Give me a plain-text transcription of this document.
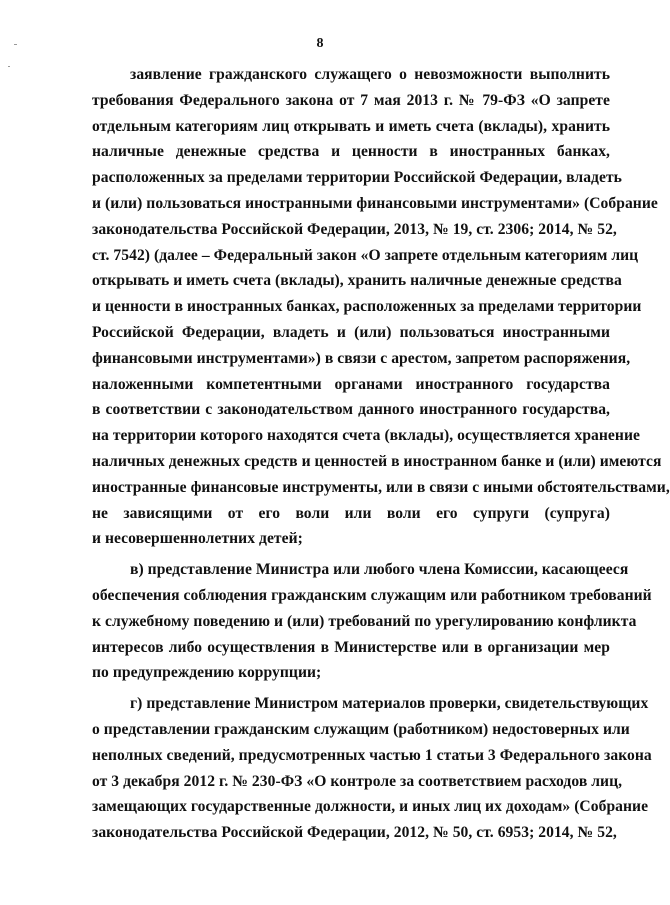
8
заявление гражданского служащего о невозможности выполнить
требования Федерального закона от 7 мая 2013 г. № 79-ФЗ «О запрете
отдельным категориям лиц открывать и иметь счета (вклады), хранить
наличные денежные средства и ценности в иностранных банках,
расположенных за пределами территории Российской Федерации, владеть
и (или) пользоваться иностранными финансовыми инструментами» (Собрание
законодательства Российской Федерации, 2013, № 19, ст. 2306; 2014, № 52,
ст. 7542) (далее – Федеральный закон «О запрете отдельным категориям лиц
открывать и иметь счета (вклады), хранить наличные денежные средства
и ценности в иностранных банках, расположенных за пределами территории
Российской Федерации, владеть и (или) пользоваться иностранными
финансовыми инструментами») в связи с арестом, запретом распоряжения,
наложенными компетентными органами иностранного государства
в соответствии с законодательством данного иностранного государства,
на территории которого находятся счета (вклады), осуществляется хранение
наличных денежных средств и ценностей в иностранном банке и (или) имеются
иностранные финансовые инструменты, или в связи с иными обстоятельствами,
не зависящими от его воли или воли его супруги (супруга)
и несовершеннолетних детей;
в) представление Министра или любого члена Комиссии, касающееся
обеспечения соблюдения гражданским служащим или работником требований
к служебному поведению и (или) требований по урегулированию конфликта
интересов либо осуществления в Министерстве или в организации мер
по предупреждению коррупции;
г) представление Министром материалов проверки, свидетельствующих
о представлении гражданским служащим (работником) недостоверных или
неполных сведений, предусмотренных частью 1 статьи 3 Федерального закона
от 3 декабря 2012 г. № 230-ФЗ «О контроле за соответствием расходов лиц,
замещающих государственные должности, и иных лиц их доходам» (Собрание
законодательства Российской Федерации, 2012, № 50, ст. 6953; 2014, № 52,
